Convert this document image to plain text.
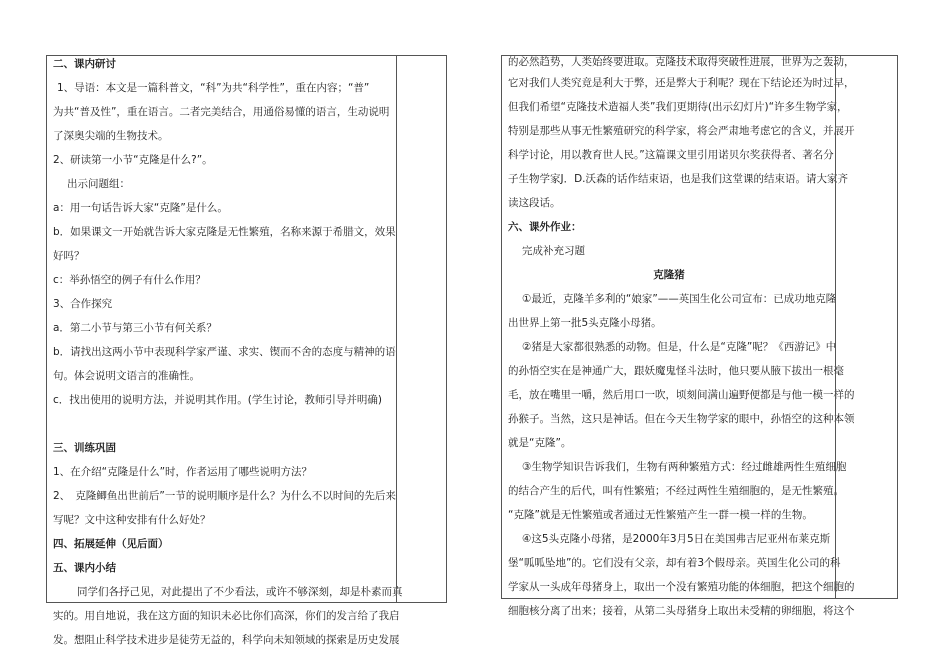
二、课内研讨
1、导语：本文是一篇科普文，“科”为共“科学性”，重在内容；“普”
为共“普及性”，重在语言。二者完美结合，用通俗易懂的语言，生动说明
了深奥尖端的生物技术。
2、研读第一小节“克隆是什么?”。
出示问题组：
a：用一句话告诉大家“克隆”是什么。
b．如果课文一开始就告诉大家克隆是无性繁殖，名称来源于希腊文，效果
好吗？
c：举孙悟空的例子有什么作用？
3、合作探究
a．第二小节与第三小节有何关系？
b．请找出这两小节中表现科学家严谨、求实、锲而不舍的态度与精神的语
句。体会说明文语言的准确性。
c．找出使用的说明方法，并说明其作用。(学生讨论，教师引导并明确)
三、训练巩固
1、在介绍“克隆是什么”时，作者运用了哪些说明方法？
2、　克隆鲫鱼出世前后”一节的说明顺序是什么？为什么不以时间的先后来
写呢？文中这种安排有什么好处？
四、拓展延伸（见后面）
五、课内小结
同学们各抒己见，对此提出了不少看法，或许不够深刻，却是朴素而真
实的。用自地说，我在这方面的知识未必比你们高深，你们的发言给了我启
发。想阻止科学技术进步是徒劳无益的，科学向未知领域的探索是历史发展
的必然趋势，人类始终要进取。克隆技术取得突破性进展，世界为之轰动，
它对我们人类究竟是利大于弊，还是弊大于利呢？现在下结论还为时过早，
但我们希望“克隆技术造福人类”我们更期待(出示幻灯片)“许多生物学家，
特别是那些从事无性繁殖研究的科学家，将会严肃地考虑它的含义，并展开
科学讨论，用以教育世人民。”这篇课文里引用诺贝尔奖获得者、著名分
子生物学家J．D.沃森的话作结束语，也是我们这堂课的结束语。请大家齐
读这段话。
六、课外作业：
完成补充习题
克隆猪
①最近，克隆羊多利的“娘家”——英国生化公司宣布：已成功地克隆
出世界上第一批5头克隆小母猪。
②猪是大家都很熟悉的动物。但是，什么是“克隆”呢？《西游记》中
的孙悟空实在是神通广大，跟妖魔鬼怪斗法时，他只要从腋下拔出一根毫
毛，放在嘴里一嚼，然后用口一吹，顷刻间满山遍野便都是与他一模一样的
孙猴子。当然，这只是神话。但在今天生物学家的眼中，孙悟空的这种本领
就是“克隆”。
③生物学知识告诉我们，生物有两种繁殖方式：经过雌雄两性生殖细胞
的结合产生的后代，叫有性繁殖；不经过两性生殖细胞的，是无性繁殖。
“克隆”就是无性繁殖或者通过无性繁殖产生一群一模一样的生物。
④这5头克隆小母猪，是2000年3月5日在美国弗吉尼亚州布莱克斯
堡“呱呱坠地”的。它们没有父亲，却有着3个假母亲。英国生化公司的科
学家从一头成年母猪身上，取出一个没有繁殖功能的体细胞，把这个细胞的
细胞核分离了出来；接着，从第二头母猪身上取出未受精的卵细胞，将这个
